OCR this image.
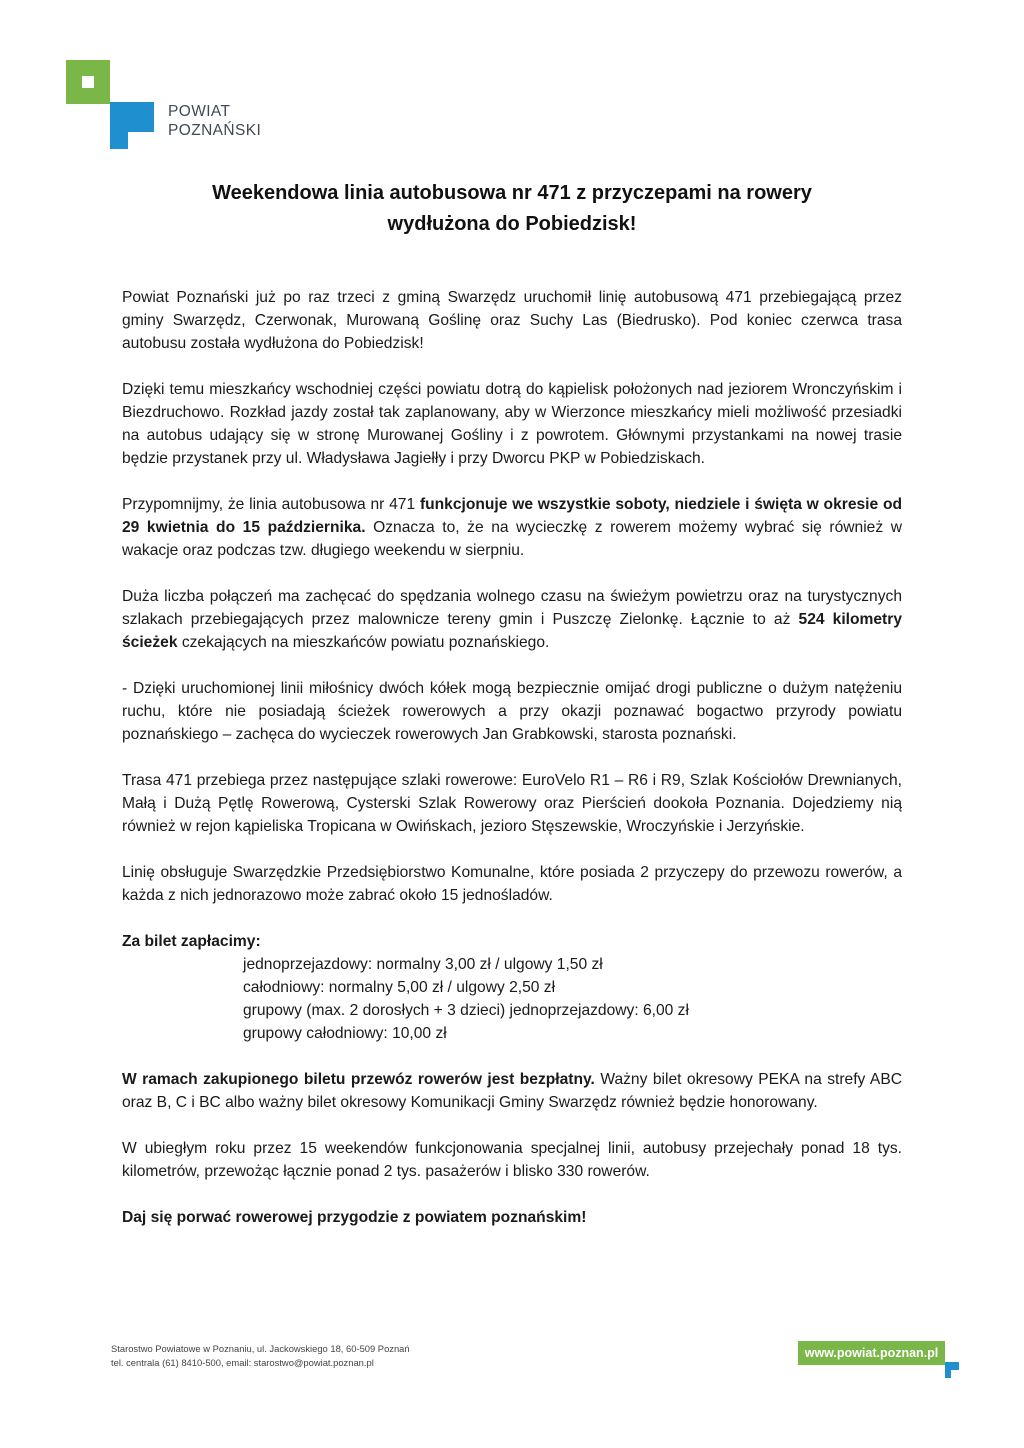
POWIAT
POZNAŃSKI
Weekendowa linia autobusowa nr 471 z przyczepami na rowery
wydłużona do Pobiedzisk!

Powiat Poznański już po raz trzeci z gminą Swarzędz uruchomił linię autobusową 471 przebiegającą przez gminy Swarzędz, Czerwonak, Murowaną Goślinę oraz Suchy Las (Biedrusko). Pod koniec czerwca trasa autobusu została wydłużona do Pobiedzisk!

Dzięki temu mieszkańcy wschodniej części powiatu dotrą do kąpielisk położonych nad jeziorem Wronczyńskim i Biezdruchowo. Rozkład jazdy został tak zaplanowany, aby w Wierzonce mieszkańcy mieli możliwość przesiadki na autobus udający się w stronę Murowanej Gośliny i z powrotem. Głównymi przystankami na nowej trasie będzie przystanek przy ul. Władysława Jagiełły i przy Dworcu PKP w Pobiedziskach.

Przypomnijmy, że linia autobusowa nr 471 funkcjonuje we wszystkie soboty, niedziele i święta w okresie od 29 kwietnia do 15 października. Oznacza to, że na wycieczkę z rowerem możemy wybrać się również w wakacje oraz podczas tzw. długiego weekendu w sierpniu.

Duża liczba połączeń ma zachęcać do spędzania wolnego czasu na świeżym powietrzu oraz na turystycznych szlakach przebiegających przez malownicze tereny gmin i Puszczę Zielonkę. Łącznie to aż 524 kilometry ścieżek czekających na mieszkańców powiatu poznańskiego.

- Dzięki uruchomionej linii miłośnicy dwóch kółek mogą bezpiecznie omijać drogi publiczne o dużym natężeniu ruchu, które nie posiadają ścieżek rowerowych a przy okazji poznawać bogactwo przyrody powiatu poznańskiego – zachęca do wycieczek rowerowych Jan Grabkowski, starosta poznański.

Trasa 471 przebiega przez następujące szlaki rowerowe: EuroVelo R1 – R6 i R9, Szlak Kościołów Drewnianych, Małą i Dużą Pętlę Rowerową, Cysterski Szlak Rowerowy oraz Pierścień dookoła Poznania. Dojedziemy nią również w rejon kąpieliska Tropicana w Owińskach, jezioro Stęszewskie, Wroczyńskie i Jerzyńskie.

Linię obsługuje Swarzędzkie Przedsiębiorstwo Komunalne, które posiada 2 przyczepy do przewozu rowerów, a każda z nich jednorazowo może zabrać około 15 jednośladów.

Za bilet zapłacimy:

jednoprzejazdowy: normalny 3,00 zł / ulgowy 1,50 zł
całodniowy: normalny 5,00 zł / ulgowy 2,50 zł
grupowy (max. 2 dorosłych + 3 dzieci) jednoprzejazdowy: 6,00 zł
grupowy całodniowy: 10,00 zł

W ramach zakupionego biletu przewóz rowerów jest bezpłatny. Ważny bilet okresowy PEKA na strefy ABC oraz B, C i BC albo ważny bilet okresowy Komunikacji Gminy Swarzędz również będzie honorowany.

W ubiegłym roku przez 15 weekendów funkcjonowania specjalnej linii, autobusy przejechały ponad 18 tys. kilometrów, przewożąc łącznie ponad 2 tys. pasażerów i blisko 330 rowerów.

Daj się porwać rowerowej przygodzie z powiatem poznańskim!

Starostwo Powiatowe w Poznaniu, ul. Jackowskiego 18, 60-509 Poznań
tel. centrala (61) 8410-500, email: starostwo@powiat.poznan.pl
www.powiat.poznan.pl
